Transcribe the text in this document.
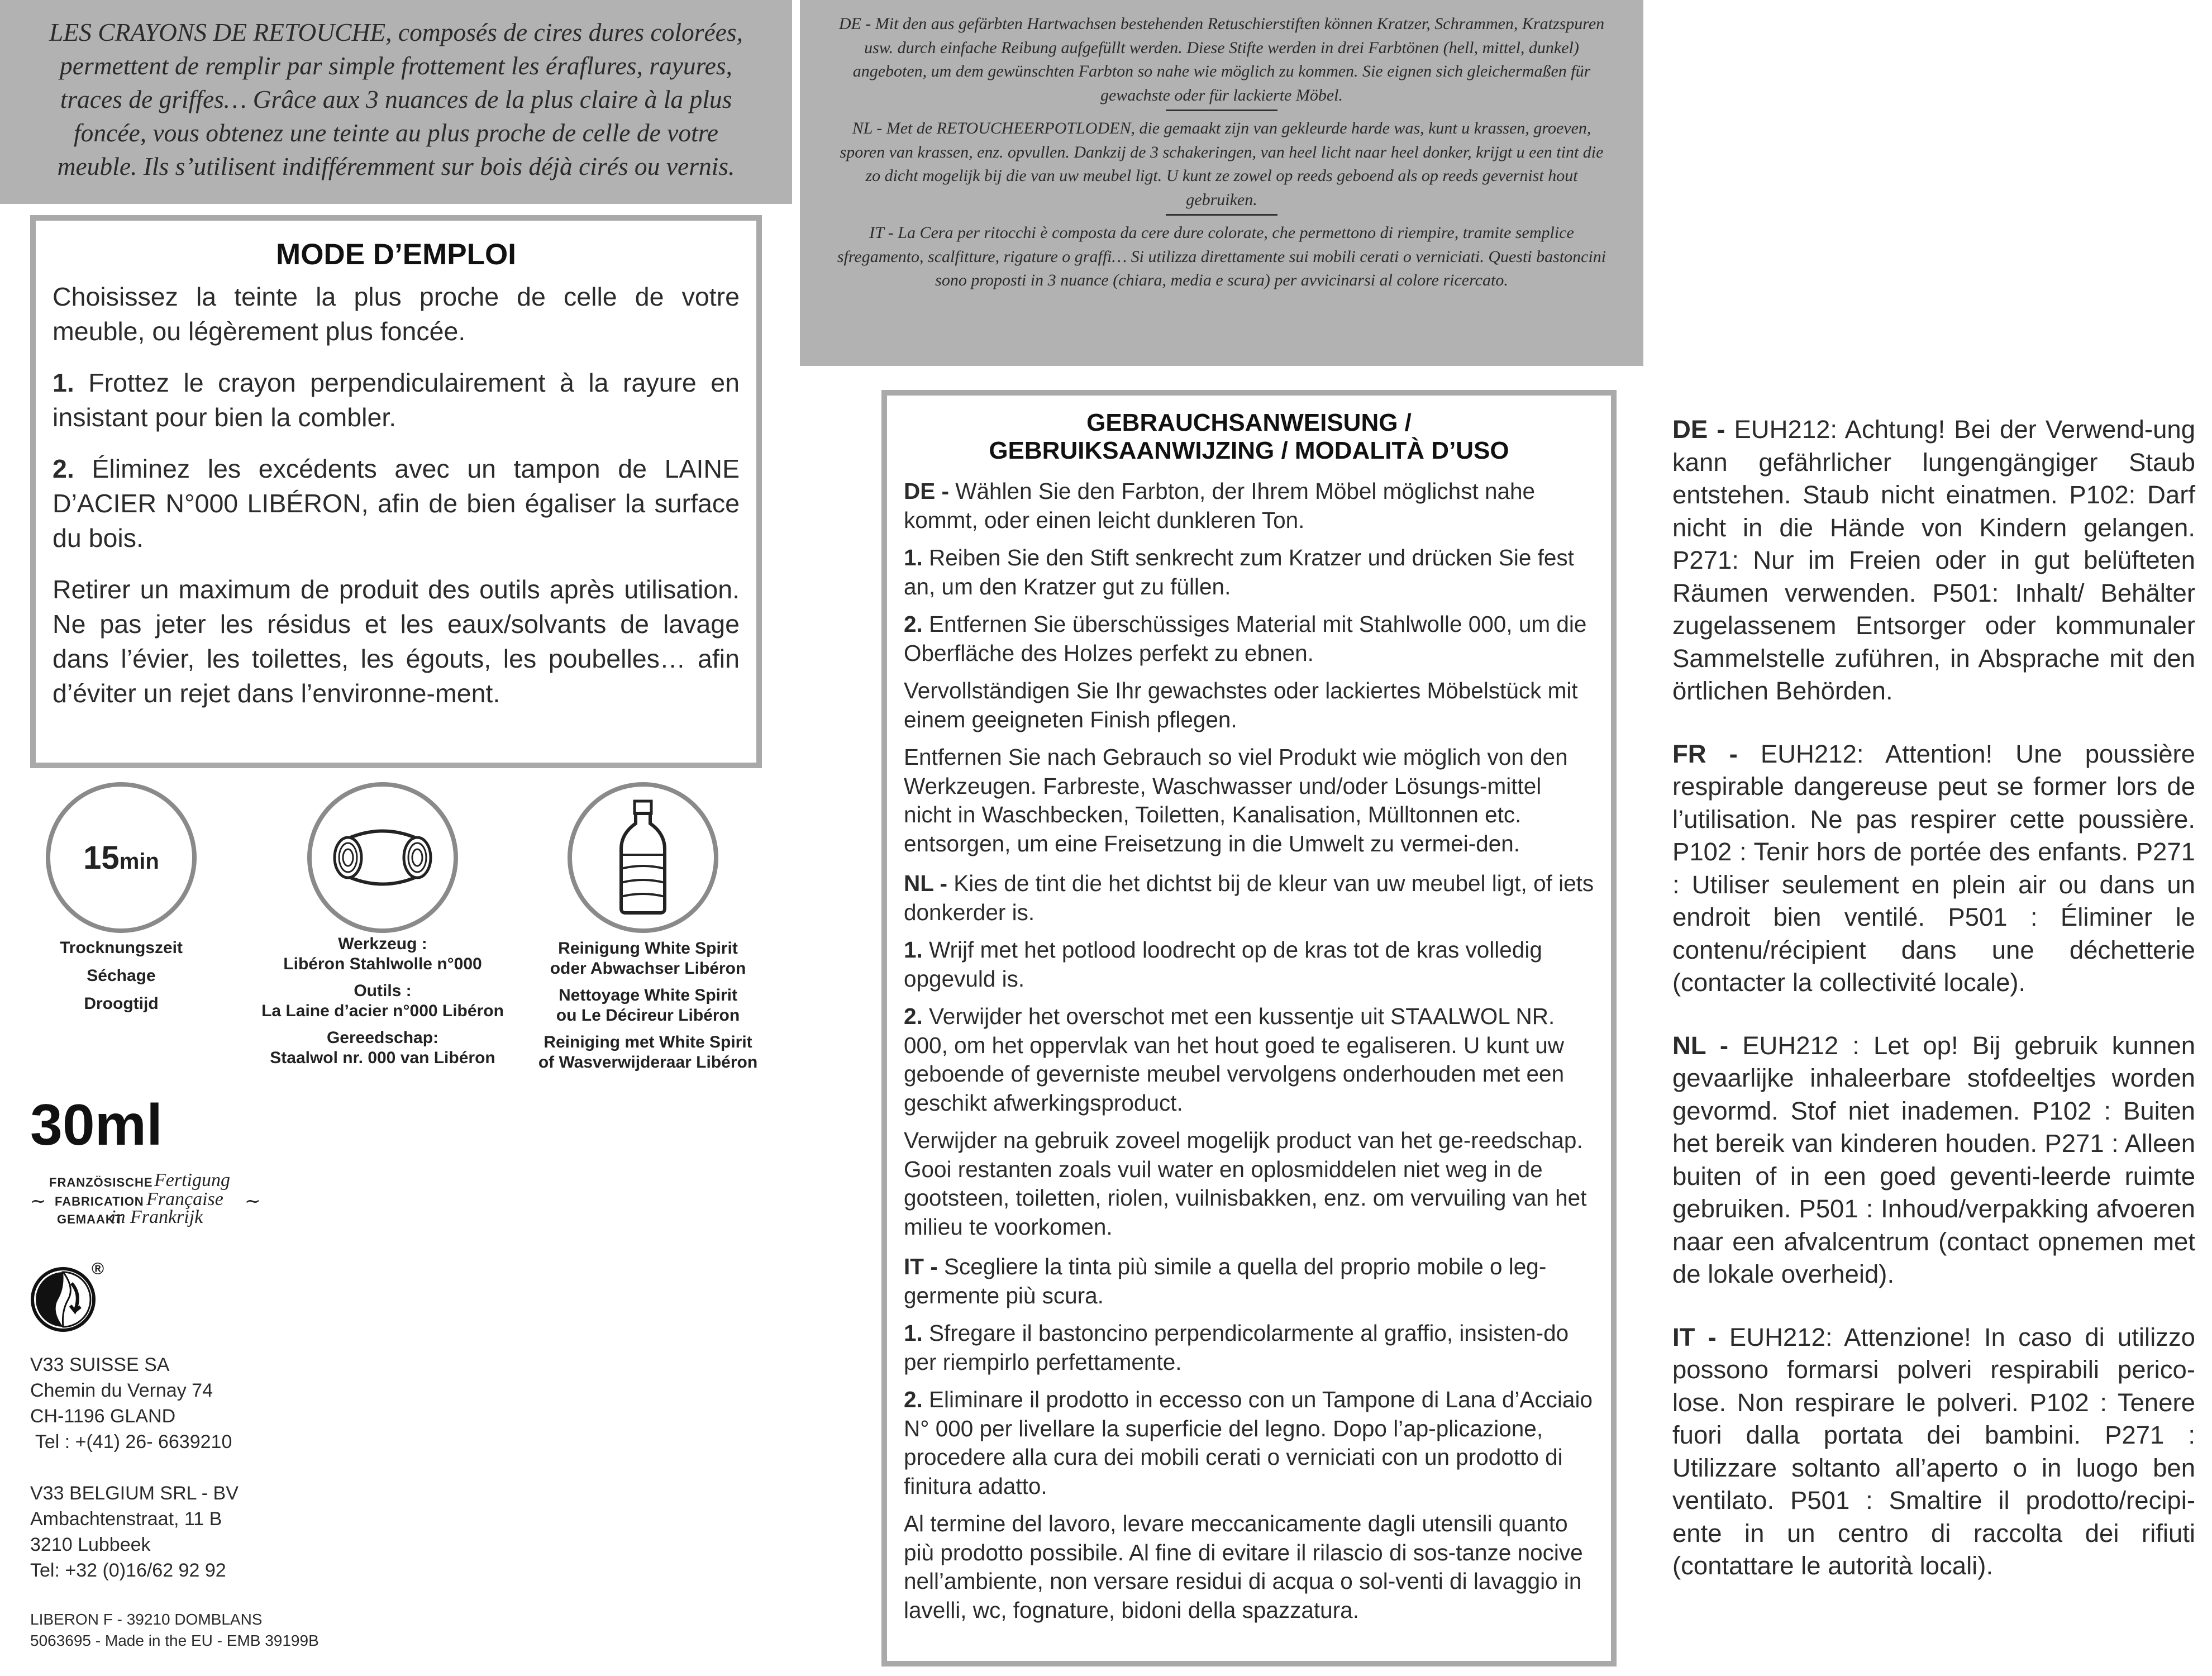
LES CRAYONS DE RETOUCHE, composés de cires dures colorées, permettent de remplir par simple frottement les éraflures, rayures, traces de griffes… Grâce aux 3 nuances de la plus claire à la plus foncée, vous obtenez une teinte au plus proche de celle de votre meuble. Ils s’utilisent indifféremment sur bois déjà cirés ou vernis.

MODE D’EMPLOI

Choisissez la teinte la plus proche de celle de votre meuble, ou légèrement plus foncée.

1. Frottez le crayon perpendiculairement à la rayure en insistant pour bien la combler.

2. Éliminez les excédents avec un tampon de LAINE D’ACIER N°000 LIBÉRON, afin de bien égaliser la surface du bois.

Retirer un maximum de produit des outils après utilisation. Ne pas jeter les résidus et les eaux/solvants de lavage dans l’évier, les toilettes, les égouts, les poubelles… afin d’éviter un rejet dans l’environne-ment.

15min
Trocknungszeit
Séchage
Droogtijd
Werkzeug :
Libéron Stahlwolle n°000
Outils :
La Laine d’acier n°000 Libéron
Gereedschap:
Staalwol nr. 000 van Libéron
Reinigung White Spirit
oder Abwachser Libéron
Nettoyage White Spirit
ou Le Décireur Libéron
Reiniging met White Spirit
of Wasverwijderaar Libéron
30ml
FRANZÖSISCHE Fertigung
~ FABRICATION Française ~
GEMAAKT
in Frankrijk
®
V33 SUISSE SA
Chemin du Vernay 74
CH-1196 GLAND
Tel : +(41) 26- 6639210
V33 BELGIUM SRL - BV
Ambachtenstraat, 11 B
3210 Lubbeek
Tel: +32 (0)16/62 92 92
LIBERON F - 39210 DOMBLANS
5063695 - Made in the EU - EMB 39199B

DE - Mit den aus gefärbten Hartwachsen bestehenden Retuschierstiften können Kratzer, Schrammen, Kratzspuren usw. durch einfache Reibung aufgefüllt werden. Diese Stifte werden in drei Farbtönen (hell, mittel, dunkel) angeboten, um dem gewünschten Farbton so nahe wie möglich zu kommen. Sie eignen sich gleichermaßen für gewachste oder für lackierte Möbel.

NL - Met de RETOUCHEERPOTLODEN, die gemaakt zijn van gekleurde harde was, kunt u krassen, groeven, sporen van krassen, enz. opvullen. Dankzij de 3 schakeringen, van heel licht naar heel donker, krijgt u een tint die zo dicht mogelijk bij die van uw meubel ligt. U kunt ze zowel op reeds geboend als op reeds gevernist hout gebruiken.

IT - La Cera per ritocchi è composta da cere dure colorate, che permettono di riempire, tramite semplice sfregamento, scalfitture, rigature o graffi… Si utilizza direttamente sui mobili cerati o verniciati. Questi bastoncini sono proposti in 3 nuance (chiara, media e scura) per avvicinarsi al colore ricercato.

GEBRAUCHSANWEISUNG /
GEBRUIKSAANWIJZING / MODALITÀ D’USO

DE - Wählen Sie den Farbton, der Ihrem Möbel möglichst nahe kommt, oder einen leicht dunkleren Ton.

1. Reiben Sie den Stift senkrecht zum Kratzer und drücken Sie fest an, um den Kratzer gut zu füllen.

2. Entfernen Sie überschüssiges Material mit Stahlwolle 000, um die Oberfläche des Holzes perfekt zu ebnen.

Vervollständigen Sie Ihr gewachstes oder lackiertes Möbelstück mit einem geeigneten Finish pflegen.

Entfernen Sie nach Gebrauch so viel Produkt wie möglich von den Werkzeugen. Farbreste, Waschwasser und/oder Lösungs-mittel nicht in Waschbecken, Toiletten, Kanalisation, Mülltonnen etc. entsorgen, um eine Freisetzung in die Umwelt zu vermei-den.

NL - Kies de tint die het dichtst bij de kleur van uw meubel ligt, of iets donkerder is.

1. Wrijf met het potlood loodrecht op de kras tot de kras volledig opgevuld is.

2. Verwijder het overschot met een kussentje uit STAALWOL NR. 000, om het oppervlak van het hout goed te egaliseren. U kunt uw geboende of geverniste meubel vervolgens onderhouden met een geschikt afwerkingsproduct.

Verwijder na gebruik zoveel mogelijk product van het ge-reedschap. Gooi restanten zoals vuil water en oplosmiddelen niet weg in de gootsteen, toiletten, riolen, vuilnisbakken, enz. om vervuiling van het milieu te voorkomen.

IT - Scegliere la tinta più simile a quella del proprio mobile o leg-germente più scura.

1. Sfregare il bastoncino perpendicolarmente al graffio, insisten-do per riempirlo perfettamente.

2. Eliminare il prodotto in eccesso con un Tampone di Lana d’Acciaio N° 000 per livellare la superficie del legno. Dopo l’ap-plicazione, procedere alla cura dei mobili cerati o verniciati con un prodotto di finitura adatto.

Al termine del lavoro, levare meccanicamente dagli utensili quanto più prodotto possibile. Al fine di evitare il rilascio di sos-tanze nocive nell’ambiente, non versare residui di acqua o sol-venti di lavaggio in lavelli, wc, fognature, bidoni della spazzatura.

DE - EUH212: Achtung! Bei der Verwend-ung kann gefährlicher lungengängiger Staub entstehen. Staub nicht einatmen. P102: Darf nicht in die Hände von Kindern gelangen. P271: Nur im Freien oder in gut belüfteten Räumen verwenden. P501: Inhalt/ Behälter zugelassenem Entsorger oder kommunaler Sammelstelle zuführen, in Absprache mit den örtlichen Behörden.

FR - EUH212: Attention! Une poussière respirable dangereuse peut se former lors de l’utilisation. Ne pas respirer cette poussière. P102 : Tenir hors de portée des enfants. P271 : Utiliser seulement en plein air ou dans un endroit bien ventilé. P501 : Éliminer le contenu/récipient dans une déchetterie (contacter la collectivité locale).

NL - EUH212 : Let op! Bij gebruik kunnen gevaarlijke inhaleerbare stofdeeltjes worden gevormd. Stof niet inademen. P102 : Buiten het bereik van kinderen houden. P271 : Alleen buiten of in een goed geventi-leerde ruimte gebruiken. P501 : Inhoud/verpakking afvoeren naar een afvalcentrum (contact opnemen met de lokale overheid).

IT - EUH212: Attenzione! In caso di utilizzo possono formarsi polveri respirabili perico-lose. Non respirare le polveri. P102 : Tenere fuori dalla portata dei bambini. P271 : Utilizzare soltanto all’aperto o in luogo ben ventilato. P501 : Smaltire il prodotto/recipi-ente in un centro di raccolta dei rifiuti (contattare le autorità locali).
